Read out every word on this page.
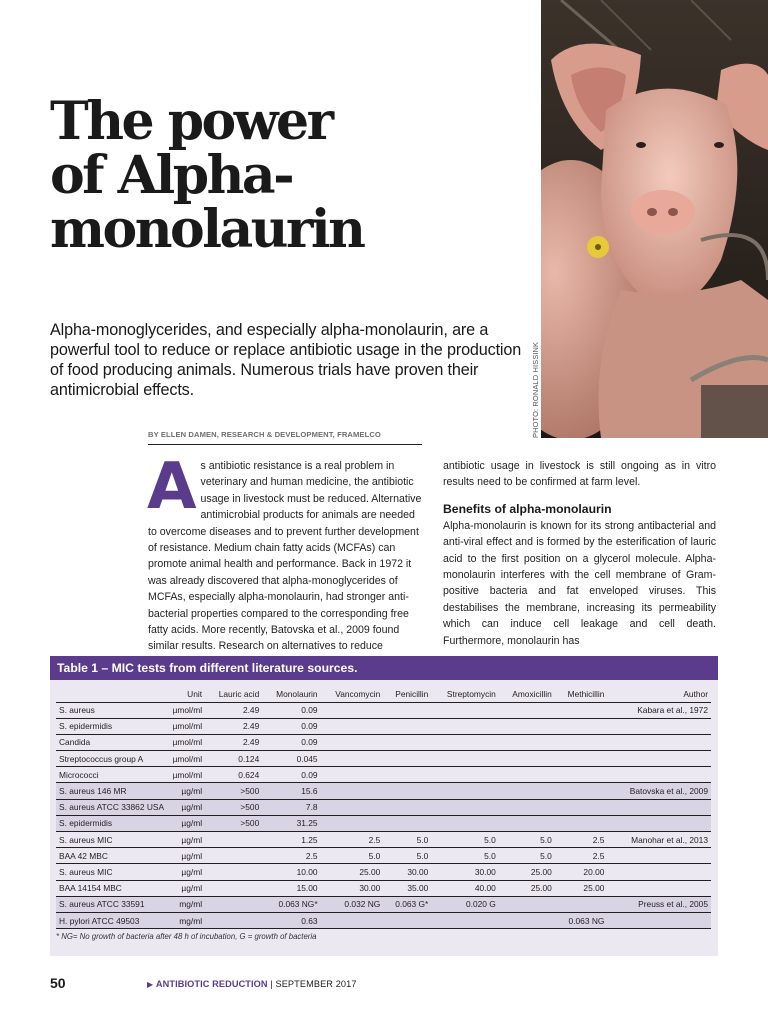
PHOTO: RONALD HISSINK
The power
of Alpha-
monolaurin

Alpha-monoglycerides, and especially alpha-monolaurin, are a powerful tool to reduce or replace antibiotic usage in the production of food producing animals. Numerous trials have proven their antimicrobial effects.

BY ELLEN DAMEN, RESEARCH & DEVELOPMENT, FRAMELCO
A s antibiotic resistance is a real problem in veterinary and human medicine, the antibiotic usage in livestock must be reduced. Alternative antimicrobial products for animals are needed to overcome diseases and to prevent further development of resistance. Medium chain fatty acids (MCFAs) can promote animal health and performance. Back in 1972 it was already discovered that alpha-monoglycerides of MCFAs, especially alpha-monolaurin, had stronger anti-bacterial properties compared to the corresponding free fatty acids. More recently, Batovska et al., 2009 found similar results. Research on alternatives to reduce

antibiotic usage in livestock is still ongoing as in vitro results need to be confirmed at farm level.

Benefits of alpha-monolaurin

Alpha-monolaurin is known for its strong antibacterial and anti-viral effect and is formed by the esterification of lauric acid to the first position on a glycerol molecule. Alpha-monolaurin interferes with the cell membrane of Gram-positive bacteria and fat enveloped viruses. This destabilises the membrane, increasing its permeability which can induce cell leakage and cell death. Furthermore, monolaurin has

Table 1 – MIC tests from different literature sources.
	Unit	Lauric acid	Monolaurin	Vancomycin	Penicillin	Streptomycin	Amoxicillin	Methicillin	Author
S. aureus	µmol/ml	2.49	0.09						Kabara et al., 1972
S. epidermidis	µmol/ml	2.49	0.09						
Candida	µmol/ml	2.49	0.09						
Streptococcus group A	µmol/ml	0.124	0.045						
Micrococci	µmol/ml	0.624	0.09						
S. aureus 146 MR	µg/ml	>500	15.6						Batovska et al., 2009
S. aureus ATCC 33862 USA	µg/ml	>500	7.8						
S. epidermidis	µg/ml	>500	31.25						
S. aureus MIC	µg/ml		1.25	2.5	5.0	5.0	5.0	2.5	Manohar et al., 2013
BAA 42 MBC	µg/ml		2.5	5.0	5.0	5.0	5.0	2.5	
S. aureus MIC	µg/ml		10.00	25.00	30.00	30.00	25.00	20.00	
BAA 14154 MBC	µg/ml		15.00	30.00	35.00	40.00	25.00	25.00	
S. aureus ATCC 33591	mg/ml		0.063 NG*	0.032 NG	0.063 G*	0.020 G			Preuss et al., 2005
H. pylori ATCC 49503	mg/ml		0.63					0.063 NG	
* NG= No growth of bacteria after 48 h of incubation, G = growth of bacteria
50	▶ ANTIBIOTIC REDUCTION | SEPTEMBER 2017
